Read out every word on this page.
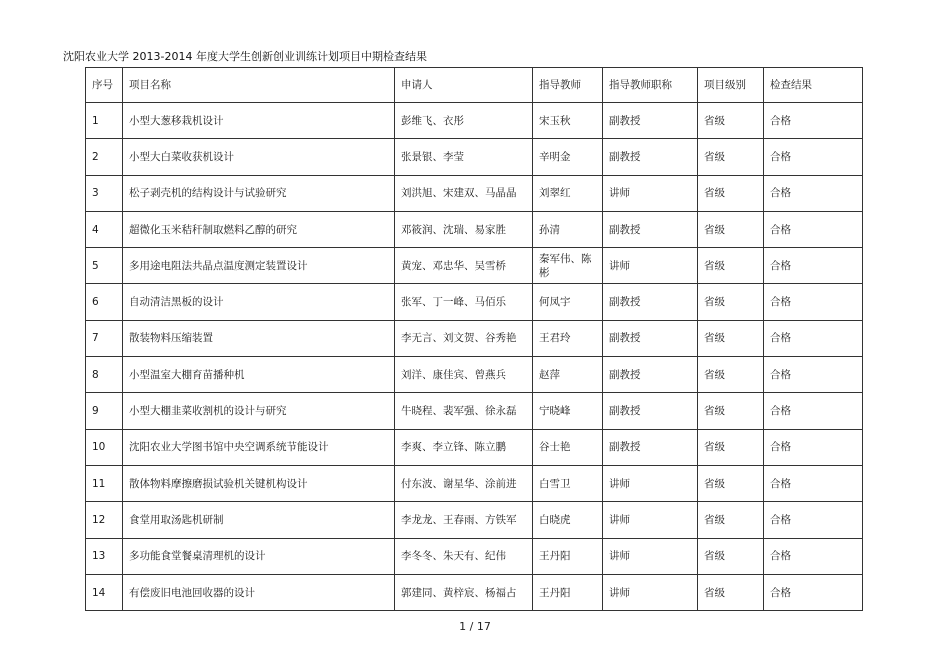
沈阳农业大学 2013-2014 年度大学生创新创业训练计划项目中期检查结果
序号	项目名称	申请人	指导教师	指导教师职称	项目级别	检查结果
1	小型大葱移栽机设计	彭维飞、衣彤	宋玉秋	副教授	省级	合格
2	小型大白菜收获机设计	张景银、李莹	辛明金	副教授	省级	合格
3	松子剥壳机的结构设计与试验研究	刘洪旭、宋建双、马晶晶	刘翠红	讲师	省级	合格
4	超微化玉米秸秆制取燃料乙醇的研究	邓筱润、沈瑞、易家胜	孙清	副教授	省级	合格
5	多用途电阻法共晶点温度测定装置设计	黄宠、邓忠华、吴雪桥	秦军伟、陈彬	讲师	省级	合格
6	自动清洁黑板的设计	张军、丁一峰、马佰乐	何凤宇	副教授	省级	合格
7	散装物料压缩装置	李无言、刘文贺、谷秀艳	王君玲	副教授	省级	合格
8	小型温室大棚育苗播种机	刘洋、康佳宾、曾燕兵	赵萍	副教授	省级	合格
9	小型大棚韭菜收割机的设计与研究	牛晓程、裴军强、徐永磊	宁晓峰	副教授	省级	合格
10	沈阳农业大学图书馆中央空调系统节能设计	李爽、李立锋、陈立鹏	谷士艳	副教授	省级	合格
11	散体物料摩擦磨损试验机关键机构设计	付东波、谢星华、涂前进	白雪卫	讲师	省级	合格
12	食堂用取汤匙机研制	李龙龙、王春雨、方铁军	白晓虎	讲师	省级	合格
13	多功能食堂餐桌清理机的设计	李冬冬、朱天有、纪伟	王丹阳	讲师	省级	合格
14	有偿废旧电池回收器的设计	郭建同、黄梓宸、杨福占	王丹阳	讲师	省级	合格
1 / 17
